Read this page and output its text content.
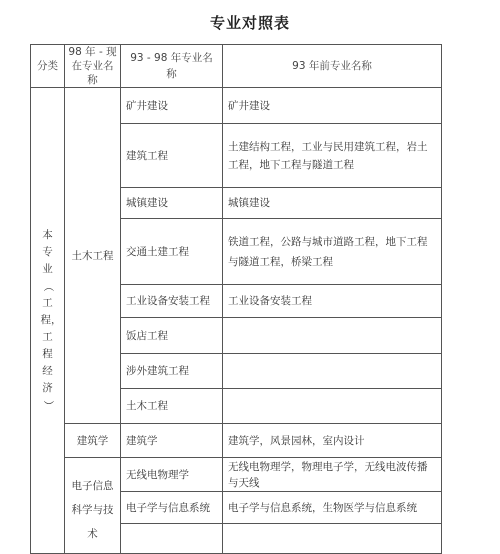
专业对照表
分类	98 年 - 现在专业名称	93 - 98 年专业名称	93 年前专业名称
本专业（工程，工程经济）	土木工程	矿井建设	矿井建设
		建筑工程	土建结构工程，工业与民用建筑工程，岩土工程，地下工程与隧道工程
		城镇建设	城镇建设
		交通土建工程	铁道工程，公路与城市道路工程，地下工程与隧道工程，桥梁工程
		工业设备安装工程	工业设备安装工程
		饭店工程	
		涉外建筑工程	
		土木工程	
	建筑学	建筑学	建筑学，风景园林，室内设计
	电子信息科学与技术	无线电物理学	无线电物理学，物理电子学，无线电波传播与天线
		电子学与信息系统	电子学与信息系统，生物医学与信息系统
